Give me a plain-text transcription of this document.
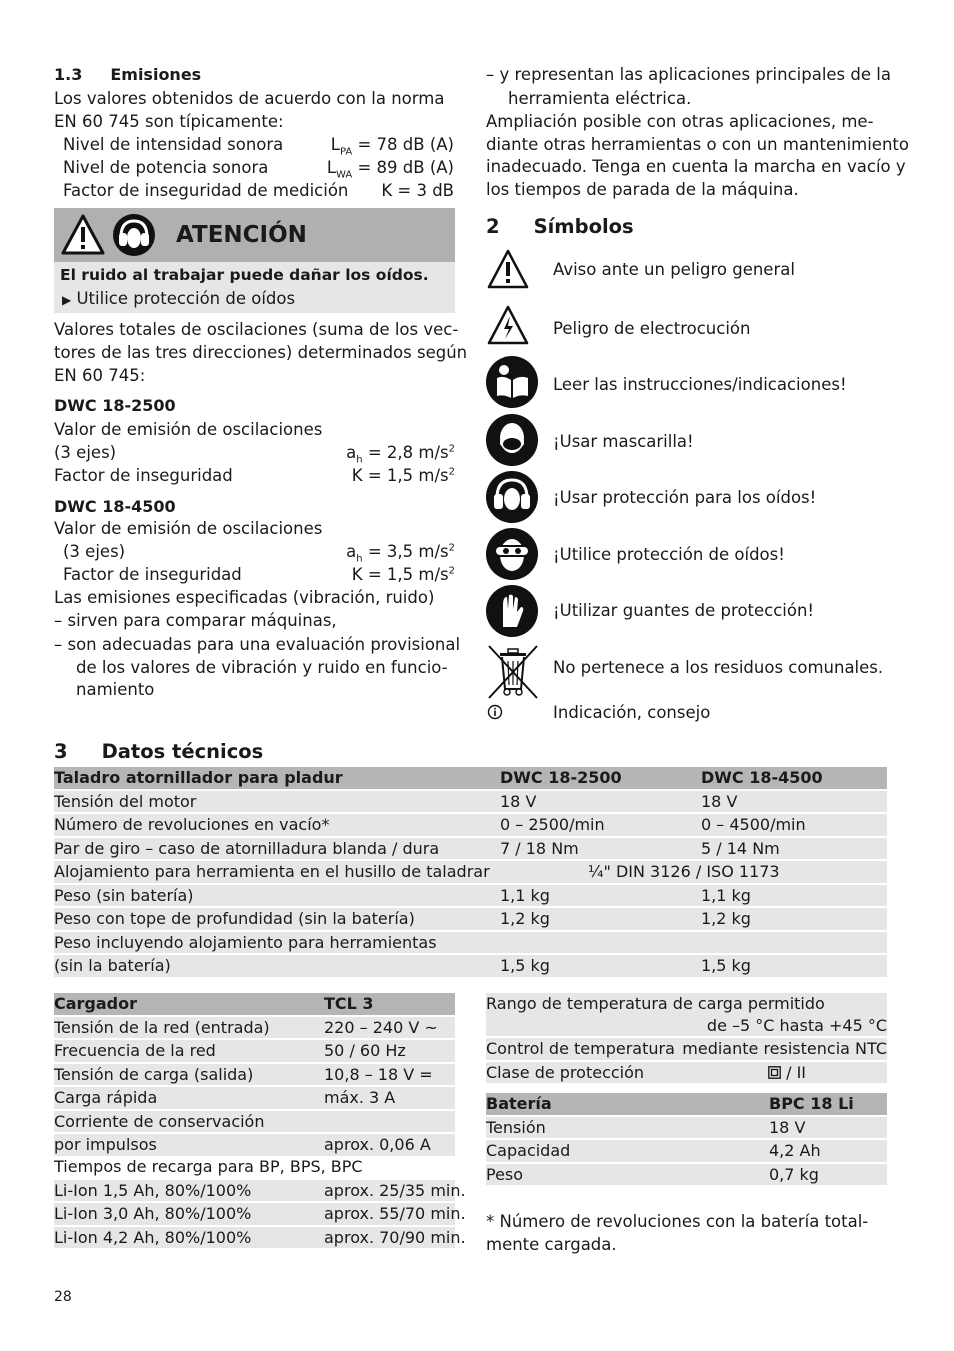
1.3 Emisiones
Los valores obtenidos de acuerdo con la norma
EN 60 745 son típicamente:
Nivel de intensidad sonora	$L_{PA} = 78$ dB (A)
Nivel de potencia sonora	$L_{WA} = 89$ dB (A)
Factor de inseguridad de medición K = 3 dB
ATENCIÓN
El ruido al trabajar puede dañar los oídos.
▶ Utilice protección de oídos
Valores totales de oscilaciones (suma de los vec-
tores de las tres direcciones) determinados según
EN 60 745:
DWC 18-2500
Valor de emisión de oscilaciones
(3 ejes)	$a_h = 2,8$ $m/s^2$
Factor de inseguridad	K = 1,5 $m/s^2$
DWC 18-4500
Valor de emisión de oscilaciones
(3 ejes)	$a_h = 3,5$ $m/s^2$
Factor de inseguridad	K = 1,5 $m/s^2$
Las emisiones especificadas (vibración, ruido)
– sirven para comparar máquinas,
– son adecuadas para una evaluación provisional
de los valores de vibración y ruido en funcio-
namiento
– y representan las aplicaciones principales de la
herramienta eléctrica.
Ampliación posible con otras aplicaciones, me-
diante otras herramientas o con un mantenimiento
inadecuado. Tenga en cuenta la marcha en vacío y
los tiempos de parada de la máquina.
2 Símbolos
Aviso ante un peligro general
Peligro de electrocución
Leer las instrucciones/indicaciones!
¡Usar mascarilla!
¡Usar protección para los oídos!
¡Utilice protección de oídos!
¡Utilizar guantes de protección!
No pertenece a los residuos comunales.
Indicación, consejo
3 Datos técnicos
Taladro atornillador para pladur	DWC 18-2500	DWC 18-4500
Tensión del motor	18 V	18 V
Número de revoluciones en vacío*	0 – 2500/min	0 – 4500/min
Par de giro – caso de atornilladura blanda / dura	7 / 18 Nm	5 / 14 Nm
Alojamiento para herramienta en el husillo de taladrar	¼" DIN 3126 / ISO 1173
Peso (sin batería)	1,1 kg	1,1 kg
Peso con tope de profundidad (sin la batería)	1,2 kg	1,2 kg
Peso incluyendo alojamiento para herramientas
(sin la batería)	1,5 kg	1,5 kg
Cargador	TCL 3
Tensión de la red (entrada)	220 – 240 V ~
Frecuencia de la red	50 / 60 Hz
Tensión de carga (salida)	10,8 – 18 V =
Carga rápida	máx. 3 A
Corriente de conservación
por impulsos	aprox. 0,06 A
Tiempos de recarga para BP, BPS, BPC
Li-Ion 1,5 Ah, 80%/100%	aprox. 25/35 min.
Li-Ion 3,0 Ah, 80%/100%	aprox. 55/70 min.
Li-Ion 4,2 Ah, 80%/100%	aprox. 70/90 min.
Rango de temperatura de carga permitido
de –5 °C hasta +45 °C
Control de temperatura mediante resistencia NTC
Clase de protección	/ II
Batería	BPC 18 Li
Tensión	18 V
Capacidad	4,2 Ah
Peso	0,7 kg
* Número de revoluciones con la batería total-
mente cargada.
28
